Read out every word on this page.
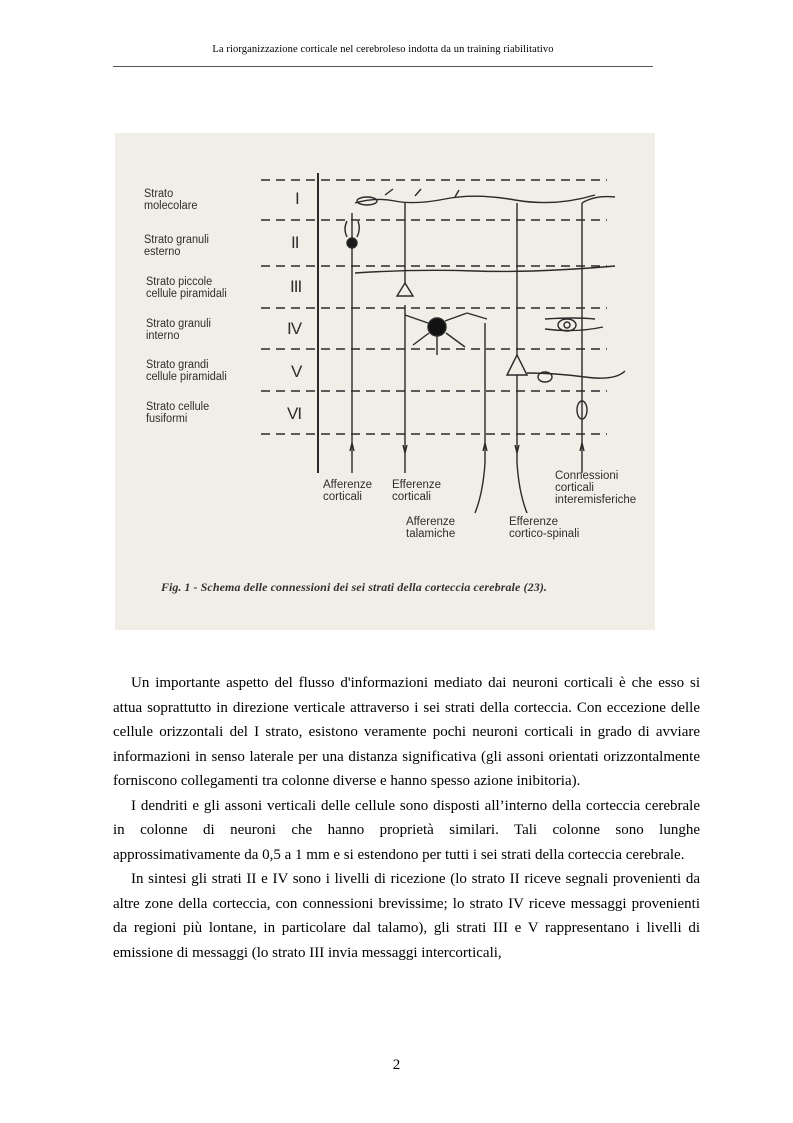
La riorganizzazione corticale nel cerebroleso indotta da un training riabilitativo
Strato
molecolare
Strato granuli
esterno
Strato piccole
cellule piramidali
Strato granuli
interno
Strato grandi
cellule piramidali
Strato cellule
fusiformi
I
II
III
IV
V
VI
Afferenze
corticali
Efferenze
corticali
Afferenze
talamiche
Efferenze
cortico-spinali
Connessioni
corticali
interemisferiche
Fig. 1 - Schema delle connessioni dei sei strati della corteccia cerebrale (23).

Un importante aspetto del flusso d'informazioni mediato dai neuroni corticali è che esso si attua soprattutto in direzione verticale attraverso i sei strati della corteccia. Con eccezione delle cellule orizzontali del I strato, esistono veramente pochi neuroni corticali in grado di avviare informazioni in senso laterale per una distanza significativa (gli assoni orientati orizzontalmente forniscono collegamenti tra colonne diverse e hanno spesso azione inibitoria).

I dendriti e gli assoni verticali delle cellule sono disposti all’interno della corteccia cerebrale in colonne di neuroni che hanno proprietà similari. Tali colonne sono lunghe approssimativamente da 0,5 a 1 mm e si estendono per tutti i sei strati della corteccia cerebrale.

In sintesi gli strati II e IV sono i livelli di ricezione (lo strato II riceve segnali provenienti da altre zone della corteccia, con connessioni brevissime; lo strato IV riceve messaggi provenienti da regioni più lontane, in particolare dal talamo), gli strati III e V rappresentano i livelli di emissione di messaggi (lo strato III invia messaggi intercorticali,

2
